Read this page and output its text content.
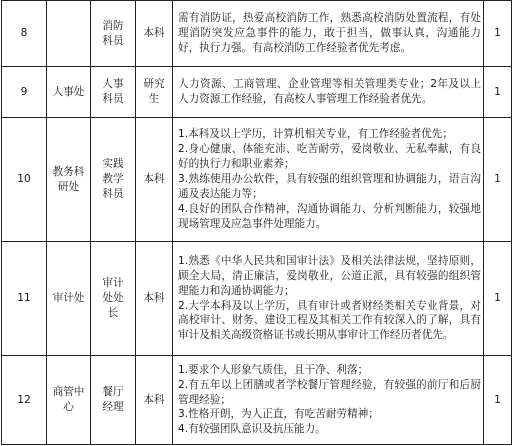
8		消防科员	本科	需有消防证，热爱高校消防工作，熟悉高校消防处置流程，有处理消防突发应急事件的能力，敢于担当，做事认真，沟通能力好，执行力强。有高校消防工作经验者优先考虑。	1
9	人事处	人事科员	研究生	人力资源、工商管理、企业管理等相关管理类专业；2年及以上人力资源工作经验，有高校人事管理工作经验者优先。	1
10	教务科研处	实践教学科员	本科	1.本科及以上学历，计算机相关专业，有工作经验者优先；
2.身心健康、体能充沛、吃苦耐劳，爱岗敬业、无私奉献，有良好的执行力和职业素养；
3.熟练使用办公软件，具有较强的组织管理和协调能力，语言沟通及表达能力等；
4.良好的团队合作精神，沟通协调能力、分析判断能力，较强地现场管理及应急事件处理能力。	1
11	审计处	审计处处长	本科	1.熟悉《中华人民共和国审计法》及相关法律法规，坚持原则，顾全大局，清正廉洁，爱岗敬业，公道正派，具有较强的组织管理能力和沟通协调能力；
2.大学本科及以上学历，具有审计或者财经类相关专业背景，对高校审计、财务、建设工程及其相关工作有较深入的了解，具有审计及相关高级资格证书或长期从事审计工作经历者优先。	1
12	商管中心	餐厅经理	本科	1.要求个人形象气质佳，且干净、利落；
2.有五年以上团膳或者学校餐厅管理经验，有较强的前厅和后厨管理经验；
3.性格开朗，为人正直，有吃苦耐劳精神；
4.有较强团队意识及抗压能力。	1
